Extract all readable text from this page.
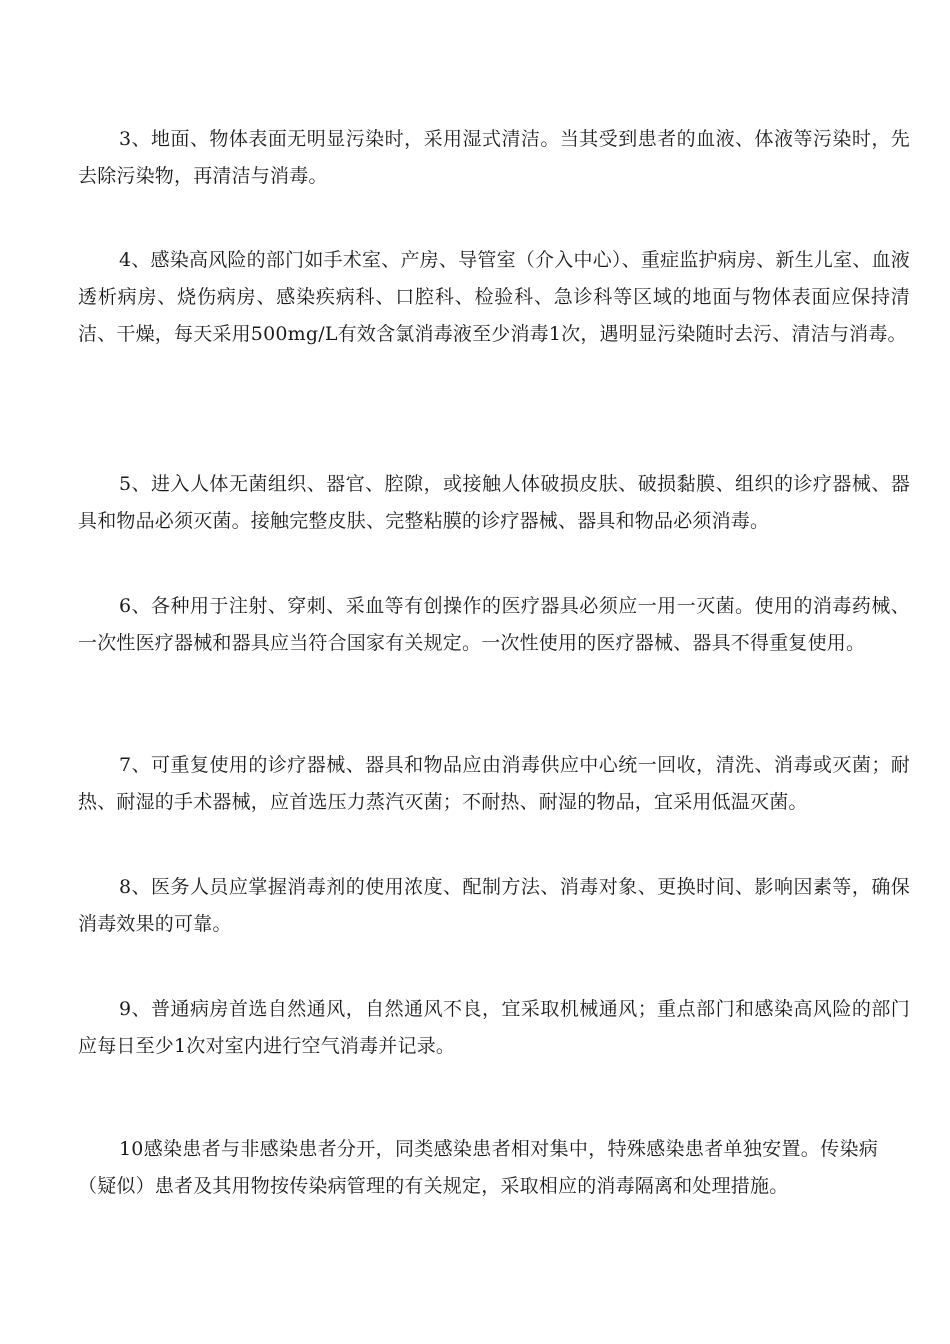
3、地面、物体表面无明显污染时，采用湿式清洁。当其受到患者的血液、体液等污染时，先去除污染物，再清洁与消毒。

4、感染高风险的部门如手术室、产房、导管室（介入中心）、重症监护病房、新生儿室、血液透析病房、烧伤病房、感染疾病科、口腔科、检验科、急诊科等区域的地面与物体表面应保持清洁、干燥，每天采用500mg/L有效含氯消毒液至少消毒1次，遇明显污染随时去污、清洁与消毒。

5、进入人体无菌组织、器官、腔隙，或接触人体破损皮肤、破损黏膜、组织的诊疗器械、器具和物品必须灭菌。接触完整皮肤、完整粘膜的诊疗器械、器具和物品必须消毒。

6、各种用于注射、穿刺、采血等有创操作的医疗器具必须应一用一灭菌。使用的消毒药械、一次性医疗器械和器具应当符合国家有关规定。一次性使用的医疗器械、器具不得重复使用。

7、可重复使用的诊疗器械、器具和物品应由消毒供应中心统一回收，清洗、消毒或灭菌；耐热、耐湿的手术器械，应首选压力蒸汽灭菌；不耐热、耐湿的物品，宜采用低温灭菌。

8、医务人员应掌握消毒剂的使用浓度、配制方法、消毒对象、更换时间、影响因素等，确保消毒效果的可靠。

9、普通病房首选自然通风，自然通风不良，宜采取机械通风；重点部门和感染高风险的部门应每日至少1次对室内进行空气消毒并记录。

10感染患者与非感染患者分开，同类感染患者相对集中，特殊感染患者单独安置。传染病（疑似）患者及其用物按传染病管理的有关规定，采取相应的消毒隔离和处理措施。
